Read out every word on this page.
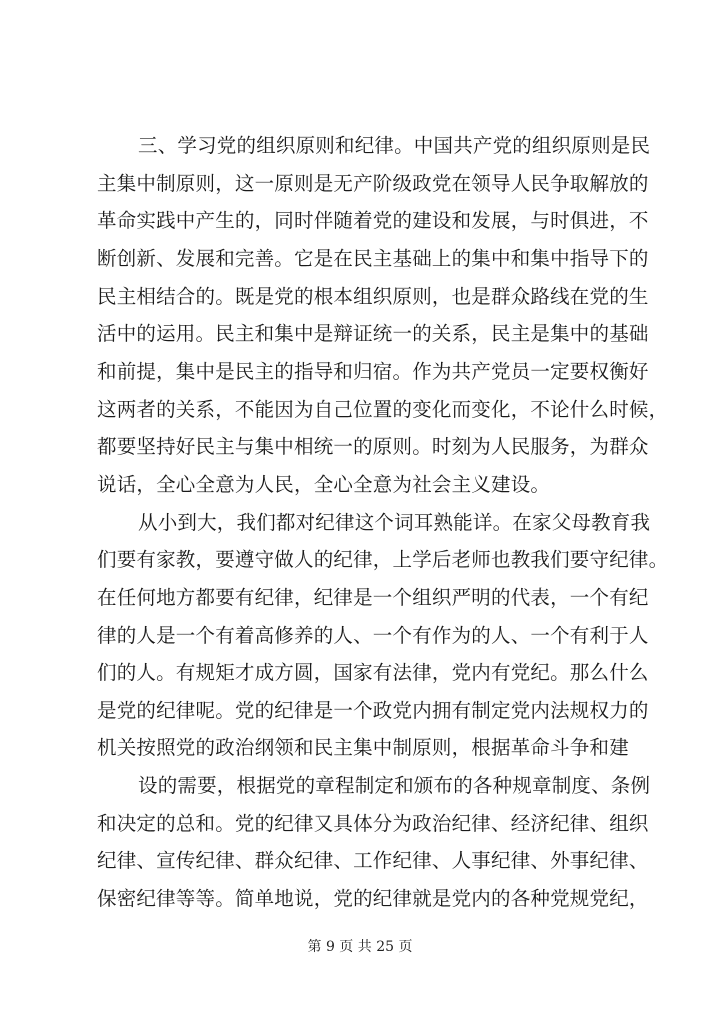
三、学习党的组织原则和纪律。中国共产党的组织原则是民
主集中制原则，这一原则是无产阶级政党在领导人民争取解放的
革命实践中产生的，同时伴随着党的建设和发展，与时俱进，不
断创新、发展和完善。它是在民主基础上的集中和集中指导下的
民主相结合的。既是党的根本组织原则，也是群众路线在党的生
活中的运用。民主和集中是辩证统一的关系，民主是集中的基础
和前提，集中是民主的指导和归宿。作为共产党员一定要权衡好
这两者的关系，不能因为自己位置的变化而变化，不论什么时候，
都要坚持好民主与集中相统一的原则。时刻为人民服务，为群众
说话，全心全意为人民，全心全意为社会主义建设。
从小到大，我们都对纪律这个词耳熟能详。在家父母教育我
们要有家教，要遵守做人的纪律，上学后老师也教我们要守纪律。
在任何地方都要有纪律，纪律是一个组织严明的代表，一个有纪
律的人是一个有着高修养的人、一个有作为的人、一个有利于人
们的人。有规矩才成方圆，国家有法律，党内有党纪。那么什么
是党的纪律呢。党的纪律是一个政党内拥有制定党内法规权力的
机关按照党的政治纲领和民主集中制原则，根据革命斗争和建
设的需要，根据党的章程制定和颁布的各种规章制度、条例
和决定的总和。党的纪律又具体分为政治纪律、经济纪律、组织
纪律、宣传纪律、群众纪律、工作纪律、人事纪律、外事纪律、
保密纪律等等。简单地说，党的纪律就是党内的各种党规党纪，
第 9 页 共 25 页
